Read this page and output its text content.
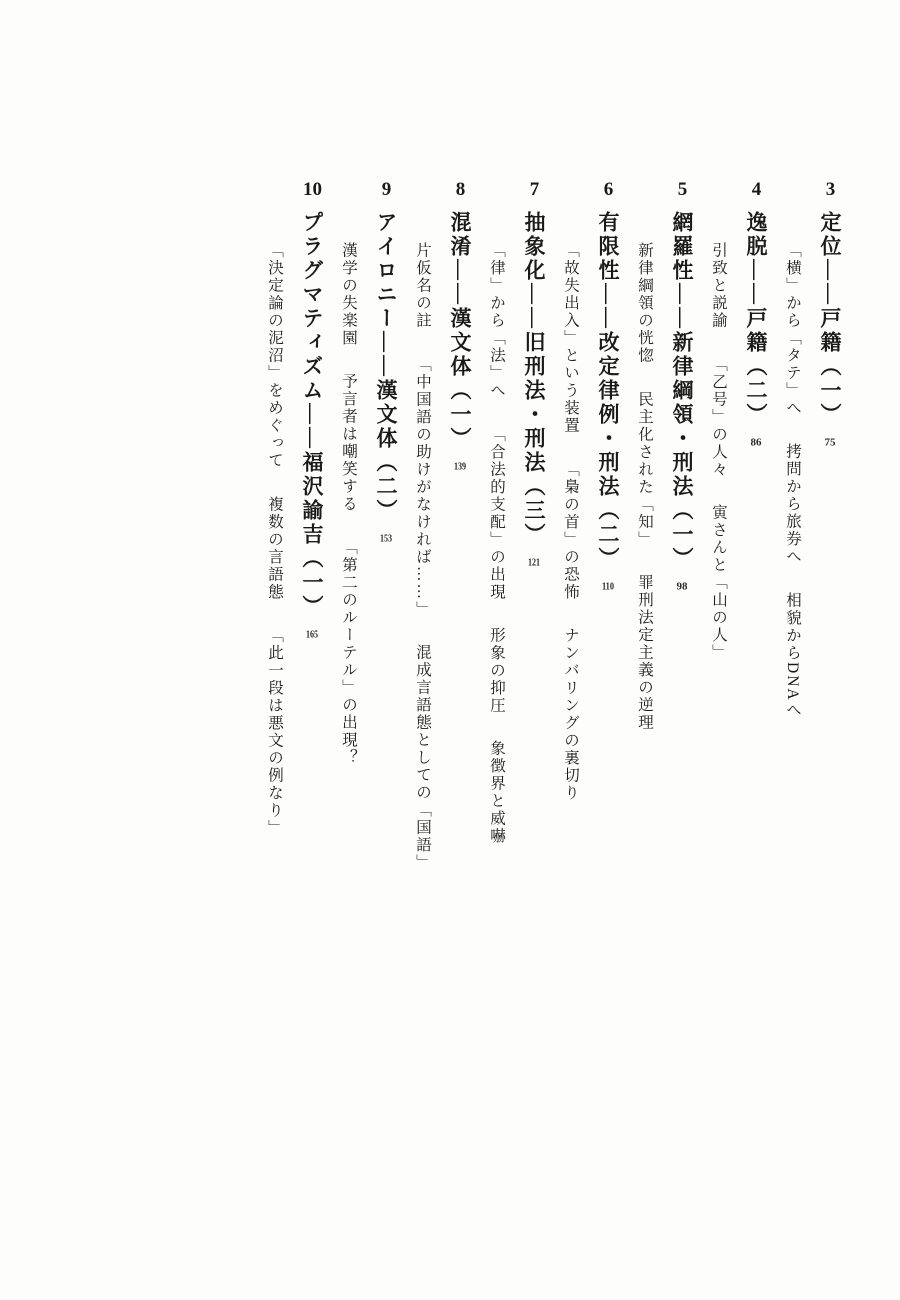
3定位——戸籍（一）75
「横」から「タテ」へ拷問から旅券へ相貌からDNAへ
4逸脱——戸籍（二）86
引致と説諭「乙号」の人々寅さんと「山の人」
5網羅性——新律綱領・刑法（一）98
新律綱領の恍惚民主化された「知」罪刑法定主義の逆理
6有限性——改定律例・刑法（二）110
「故失出入」という装置「梟の首」の恐怖ナンバリングの裏切り
7抽象化——旧刑法・刑法（三）121
「律」から「法」へ「合法的支配」の出現形象の抑圧象徴界と威嚇
8混淆——漢文体（一）139
片仮名の註「中国語の助けがなければ……」混成言語態としての「国語」
9アイロニー——漢文体（二）153
漢学の失楽園予言者は嘲笑する「第二のルーテル」の出現？
10プラグマティズム——福沢諭吉（一）165
「決定論の泥沼」をめぐって複数の言語態「此一段は悪文の例なり」
